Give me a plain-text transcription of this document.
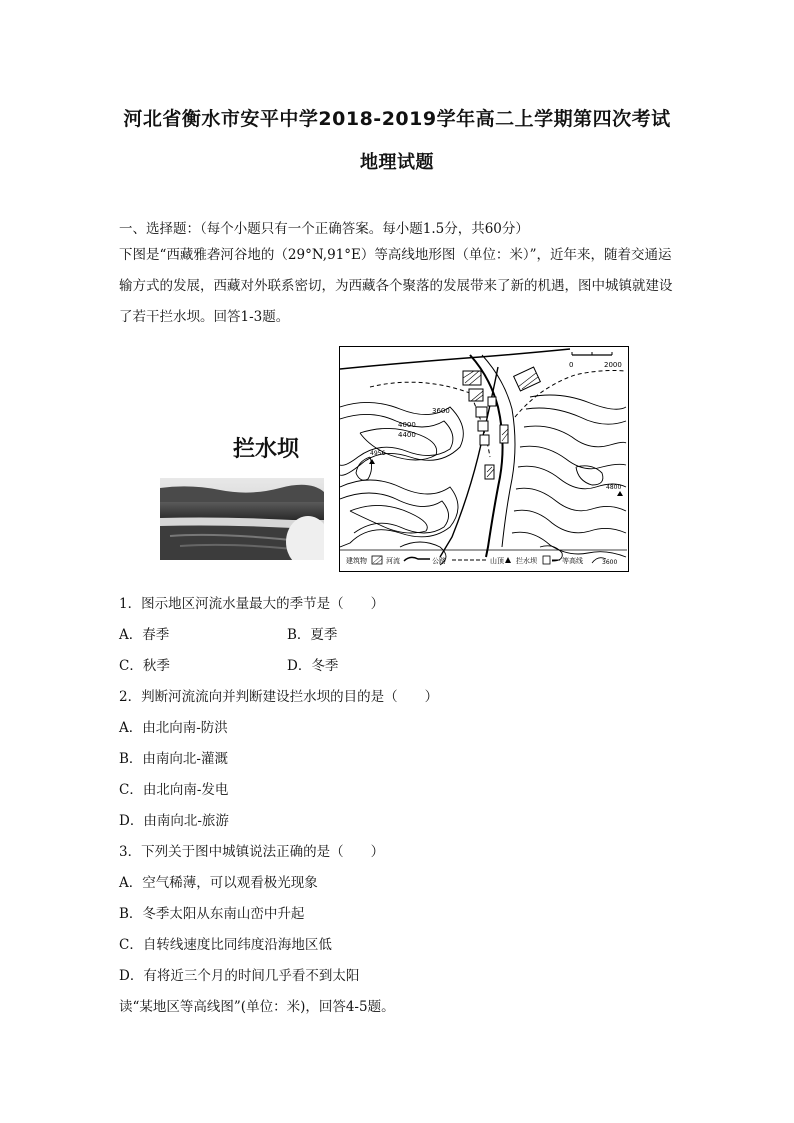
河北省衡水市安平中学2018-2019学年高二上学期第四次考试
地理试题
一、选择题：（每个小题只有一个正确答案。每小题1.5分，共60分）
下图是“西藏雅砻河谷地的（29°N,91°E）等高线地形图（单位：米）”，近年来，随着交通运输方式的发展，西藏对外联系密切，为西藏各个聚落的发展带来了新的机遇，图中城镇就建设了若干拦水坝。回答1-3题。
拦水坝
0	2000
3600
4000
4400
4956
4800
建筑物	河流	公路	山顶 拦水坝	等高线	3600
1．图示地区河流水量最大的季节是（　　）
A．春季	B．夏季
C．秋季	D．冬季
2．判断河流流向并判断建设拦水坝的目的是（　　）
A．由北向南-防洪
B．由南向北-灌溉
C．由北向南-发电
D．由南向北-旅游
3．下列关于图中城镇说法正确的是（　　）
A．空气稀薄，可以观看极光现象
B．冬季太阳从东南山峦中升起
C．自转线速度比同纬度沿海地区低
D．有将近三个月的时间几乎看不到太阳
读“某地区等高线图”(单位：米)，回答4-5题。
